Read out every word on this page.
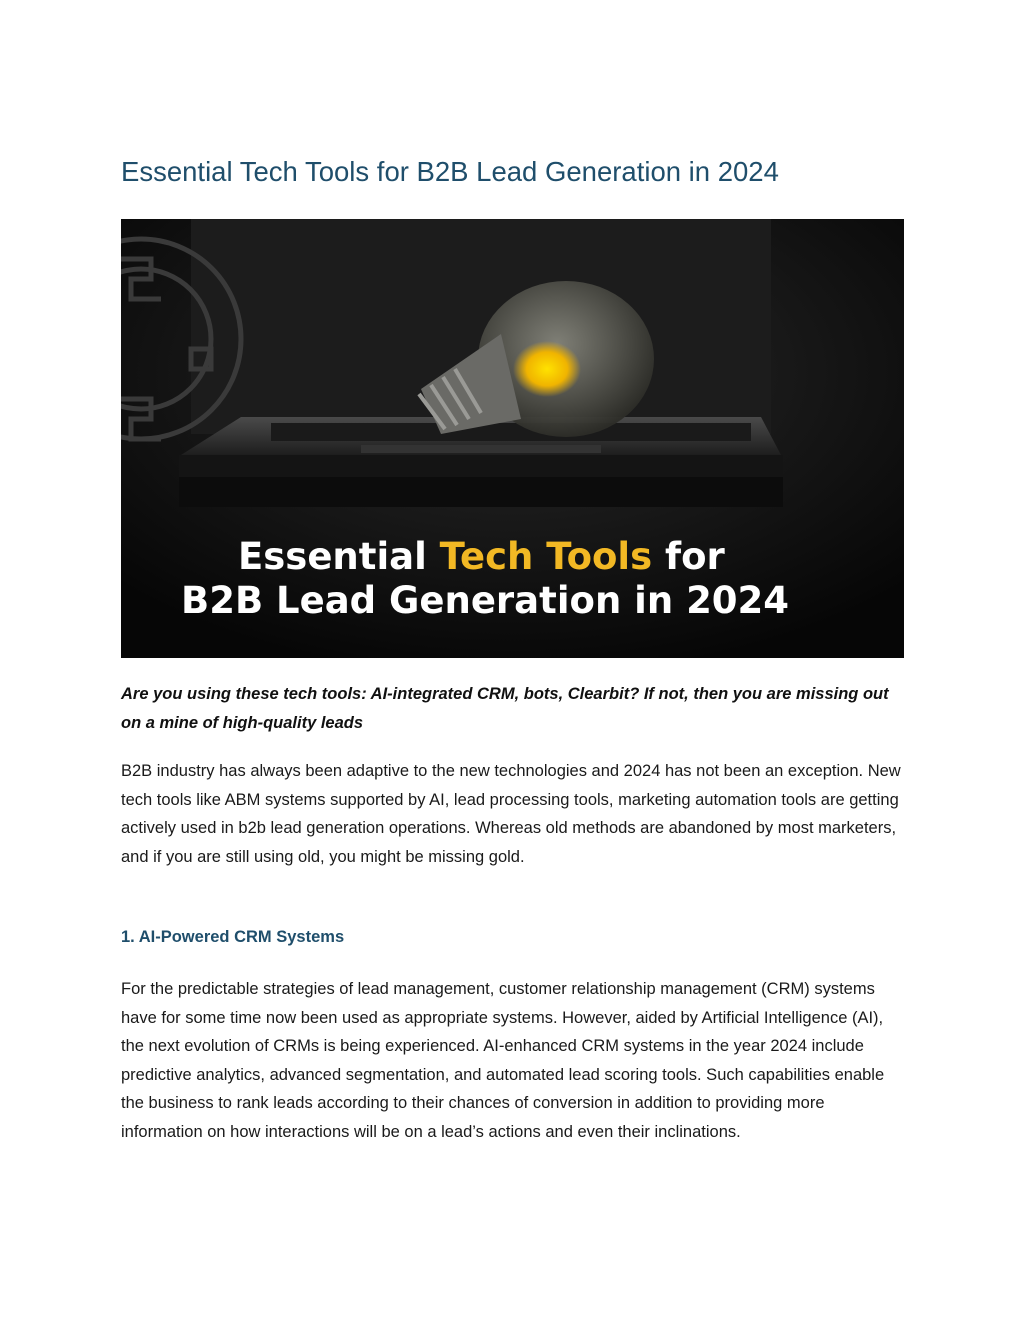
Essential Tech Tools for B2B Lead Generation in 2024
Essential Tech Tools for
B2B Lead Generation in 2024

Are you using these tech tools: AI-integrated CRM, bots, Clearbit? If not, then you are missing out on a mine of high-quality leads

B2B industry has always been adaptive to the new technologies and 2024 has not been an exception. New tech tools like ABM systems supported by AI, lead processing tools, marketing automation tools are getting actively used in b2b lead generation operations. Whereas old methods are abandoned by most marketers, and if you are still using old, you might be missing gold.

1. AI-Powered CRM Systems

For the predictable strategies of lead management, customer relationship management (CRM) systems have for some time now been used as appropriate systems. However, aided by Artificial Intelligence (AI), the next evolution of CRMs is being experienced. AI-enhanced CRM systems in the year 2024 include predictive analytics, advanced segmentation, and automated lead scoring tools. Such capabilities enable the business to rank leads according to their chances of conversion in addition to providing more information on how interactions will be on a lead’s actions and even their inclinations.
